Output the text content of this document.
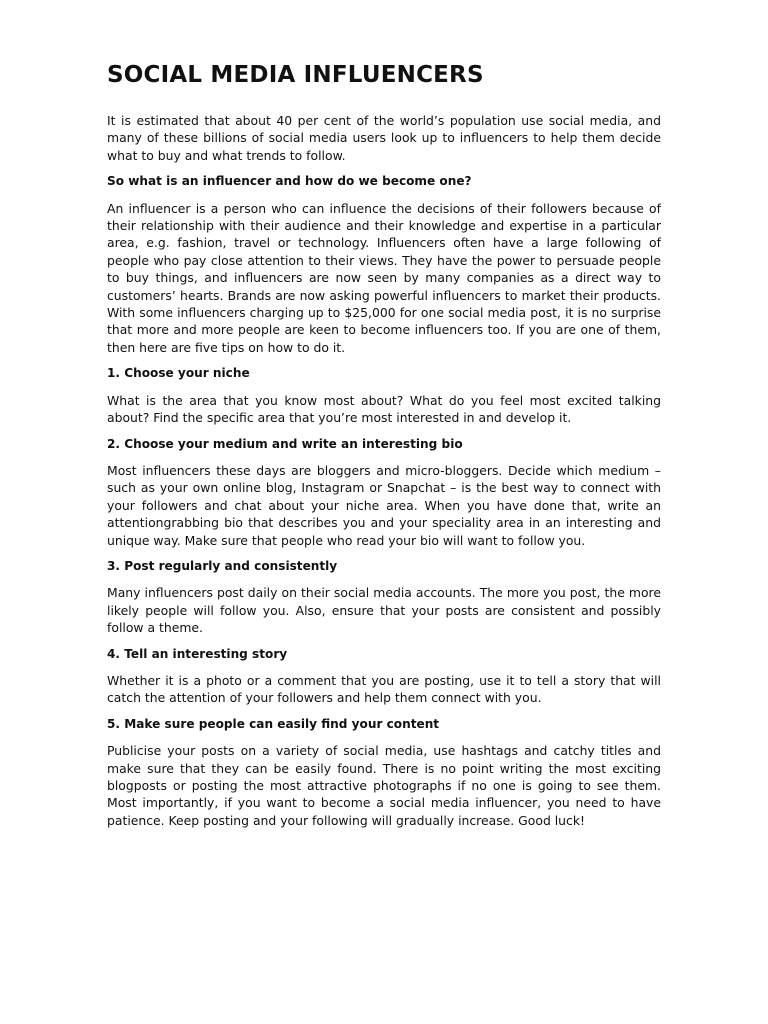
SOCIAL MEDIA INFLUENCERS

It is estimated that about 40 per cent of the world’s population use social media, and many of these billions of social media users look up to influencers to help them decide what to buy and what trends to follow.

So what is an influencer and how do we become one?

An influencer is a person who can influence the decisions of their followers because of their relationship with their audience and their knowledge and expertise in a particular area, e.g. fashion, travel or technology. Influencers often have a large following of people who pay close attention to their views. They have the power to persuade people to buy things, and influencers are now seen by many companies as a direct way to customers’ hearts. Brands are now asking powerful influencers to market their products. With some influencers charging up to $25,000 for one social media post, it is no surprise that more and more people are keen to become influencers too. If you are one of them, then here are five tips on how to do it.

1. Choose your niche

What is the area that you know most about? What do you feel most excited talking about? Find the specific area that you’re most interested in and develop it.

2. Choose your medium and write an interesting bio

Most influencers these days are bloggers and micro-bloggers. Decide which medium – such as your own online blog, Instagram or Snapchat – is the best way to connect with your followers and chat about your niche area. When you have done that, write an attentiongrabbing bio that describes you and your speciality area in an interesting and unique way. Make sure that people who read your bio will want to follow you.

3. Post regularly and consistently

Many influencers post daily on their social media accounts. The more you post, the more likely people will follow you. Also, ensure that your posts are consistent and possibly follow a theme.

4. Tell an interesting story

Whether it is a photo or a comment that you are posting, use it to tell a story that will catch the attention of your followers and help them connect with you.

5. Make sure people can easily find your content

Publicise your posts on a variety of social media, use hashtags and catchy titles and make sure that they can be easily found. There is no point writing the most exciting blogposts or posting the most attractive photographs if no one is going to see them. Most importantly, if you want to become a social media influencer, you need to have patience. Keep posting and your following will gradually increase. Good luck!
